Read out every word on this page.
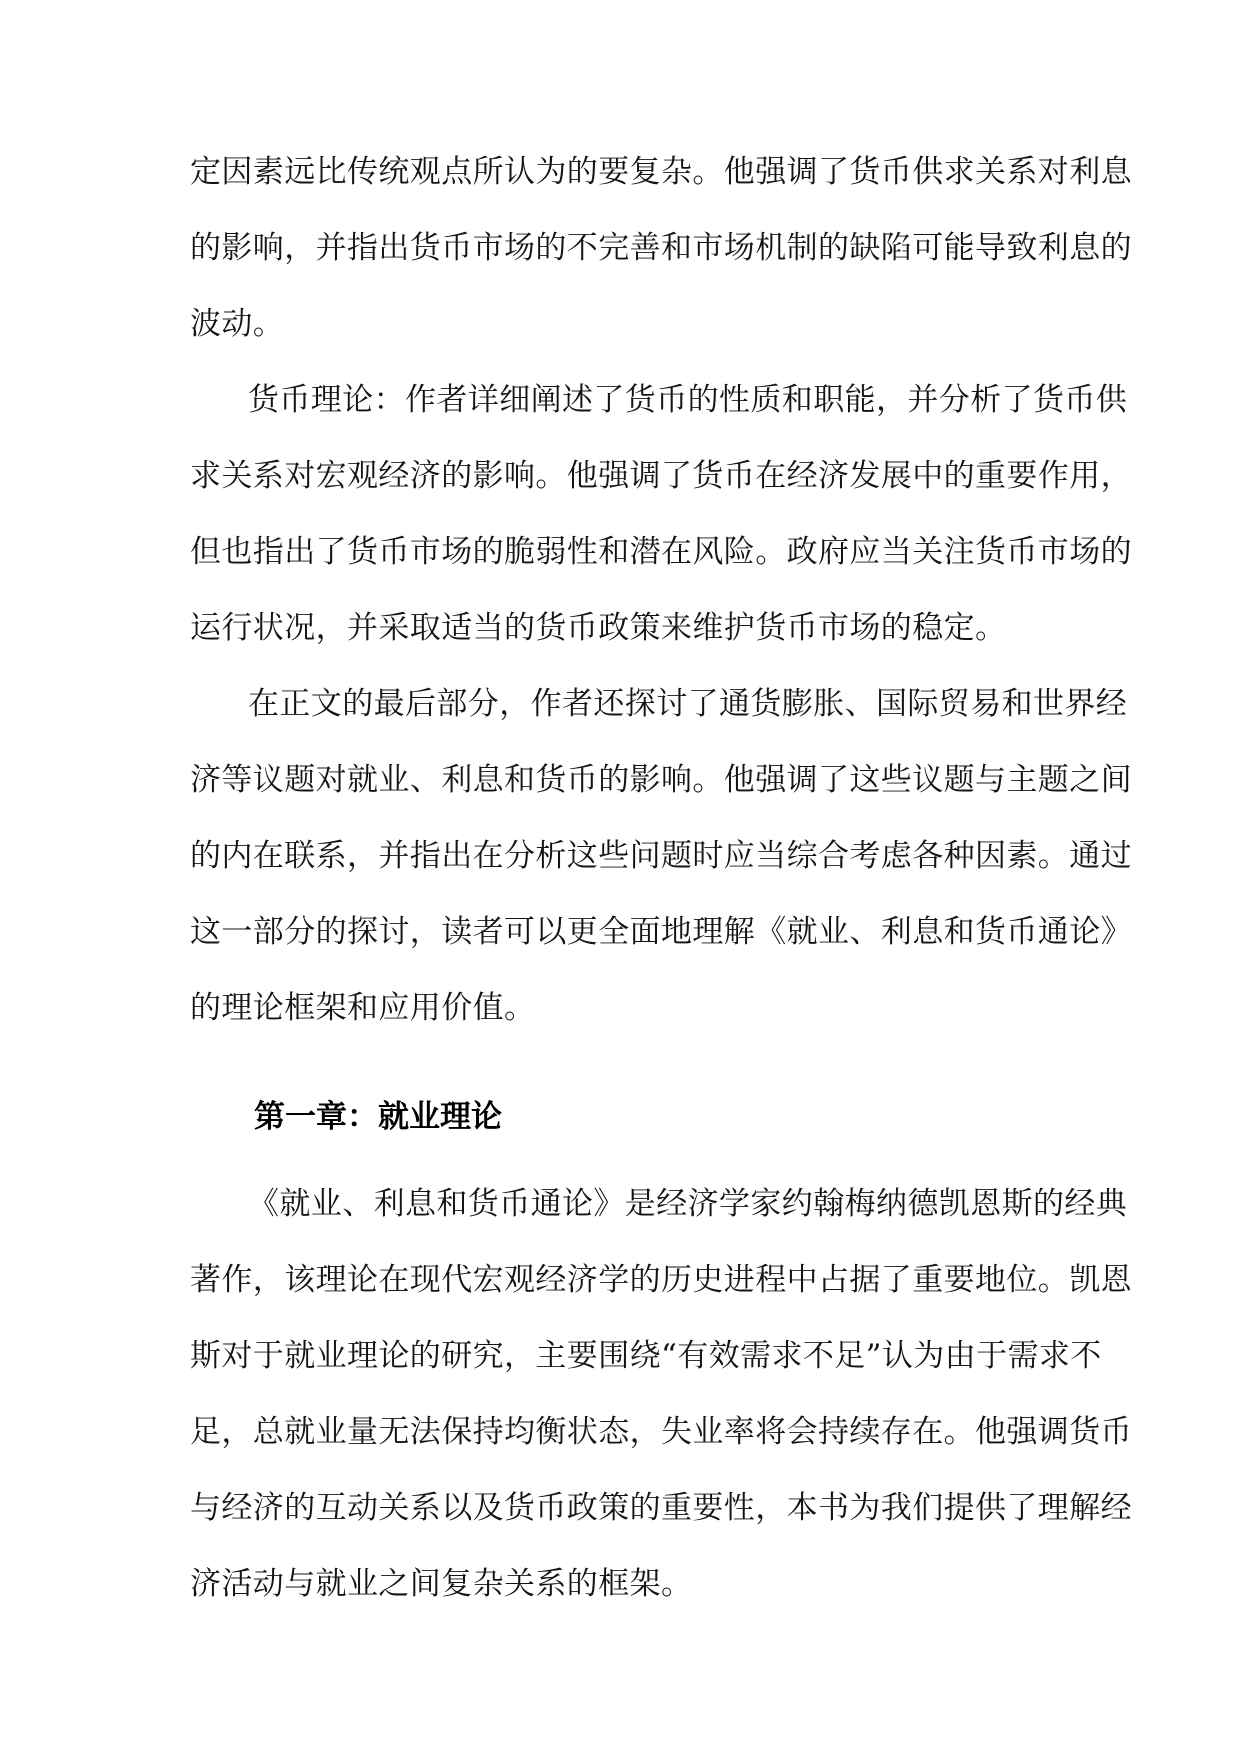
定因素远比传统观点所认为的要复杂。他强调了货币供求关系对利息
的影响，并指出货币市场的不完善和市场机制的缺陷可能导致利息的
波动。
货币理论：作者详细阐述了货币的性质和职能，并分析了货币供
求关系对宏观经济的影响。他强调了货币在经济发展中的重要作用，
但也指出了货币市场的脆弱性和潜在风险。政府应当关注货币市场的
运行状况，并采取适当的货币政策来维护货币市场的稳定。
在正文的最后部分，作者还探讨了通货膨胀、国际贸易和世界经
济等议题对就业、利息和货币的影响。他强调了这些议题与主题之间
的内在联系，并指出在分析这些问题时应当综合考虑各种因素。通过
这一部分的探讨，读者可以更全面地理解《就业、利息和货币通论》
的理论框架和应用价值。
第一章：就业理论
《就业、利息和货币通论》是经济学家约翰梅纳德凯恩斯的经典
著作，该理论在现代宏观经济学的历史进程中占据了重要地位。凯恩
斯对于就业理论的研究，主要围绕“有效需求不足”认为由于需求不
足，总就业量无法保持均衡状态，失业率将会持续存在。他强调货币
与经济的互动关系以及货币政策的重要性，本书为我们提供了理解经
济活动与就业之间复杂关系的框架。
